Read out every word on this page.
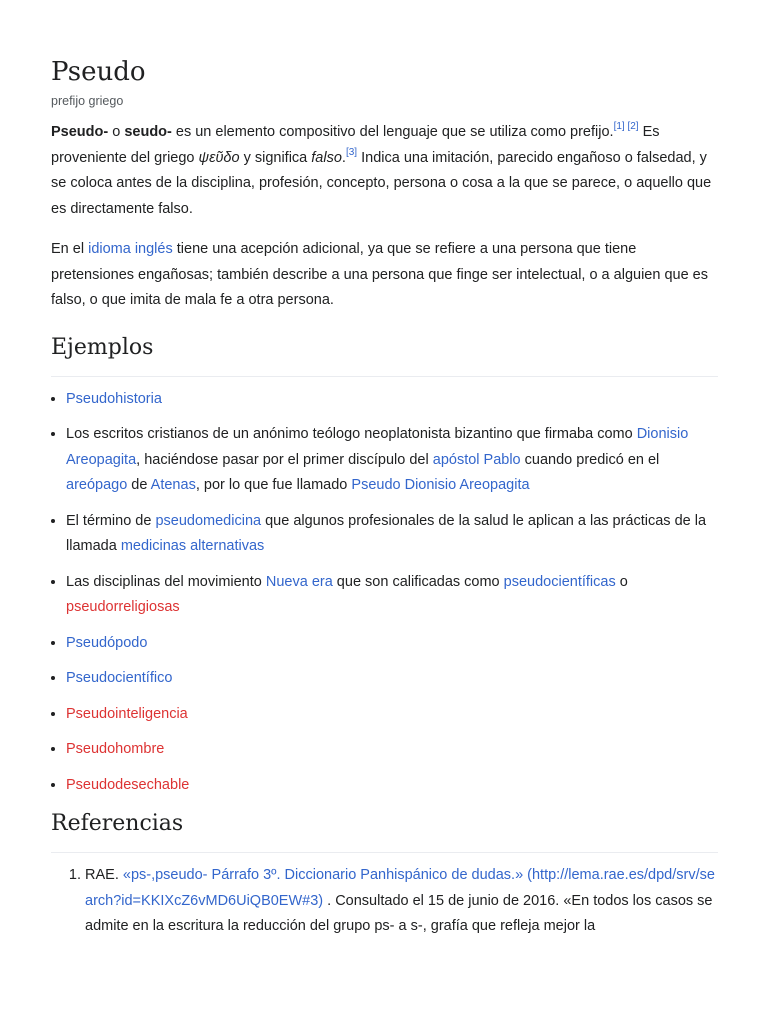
Pseudo
prefijo griego

Pseudo- o seudo- es un elemento compositivo del lenguaje que se utiliza como prefijo.[1] [2] Es proveniente del griego ψεῦδο y significa falso.[3] Indica una imitación, parecido engañoso o falsedad, y se coloca antes de la disciplina, profesión, concepto, persona o cosa a la que se parece, o aquello que es directamente falso.

En el idioma inglés tiene una acepción adicional, ya que se refiere a una persona que tiene pretensiones engañosas; también describe a una persona que finge ser intelectual, o a alguien que es falso, o que imita de mala fe a otra persona.

Ejemplos
• Pseudohistoria
• Los escritos cristianos de un anónimo teólogo neoplatonista bizantino que firmaba como Dionisio Areopagita, haciéndose pasar por el primer discípulo del apóstol Pablo cuando predicó en el areópago de Atenas, por lo que fue llamado Pseudo Dionisio Areopagita
• El término de pseudomedicina que algunos profesionales de la salud le aplican a las prácticas de la llamada medicinas alternativas
• Las disciplinas del movimiento Nueva era que son calificadas como pseudocientíficas o pseudorreligiosas
• Pseudópodo
• Pseudocientífico
• Pseudointeligencia
• Pseudohombre
• Pseudodesechable
Referencias
1. RAE. «ps-,pseudo- Párrafo 3º. Diccionario Panhispánico de dudas.» (http://lema.rae.es/dpd/srv/search?id=KKIXcZ6vMD6UiQB0EW#3) . Consultado el 15 de junio de 2016. «En todos los casos se admite en la escritura la reducción del grupo ps- a s-, grafía que refleja mejor la
